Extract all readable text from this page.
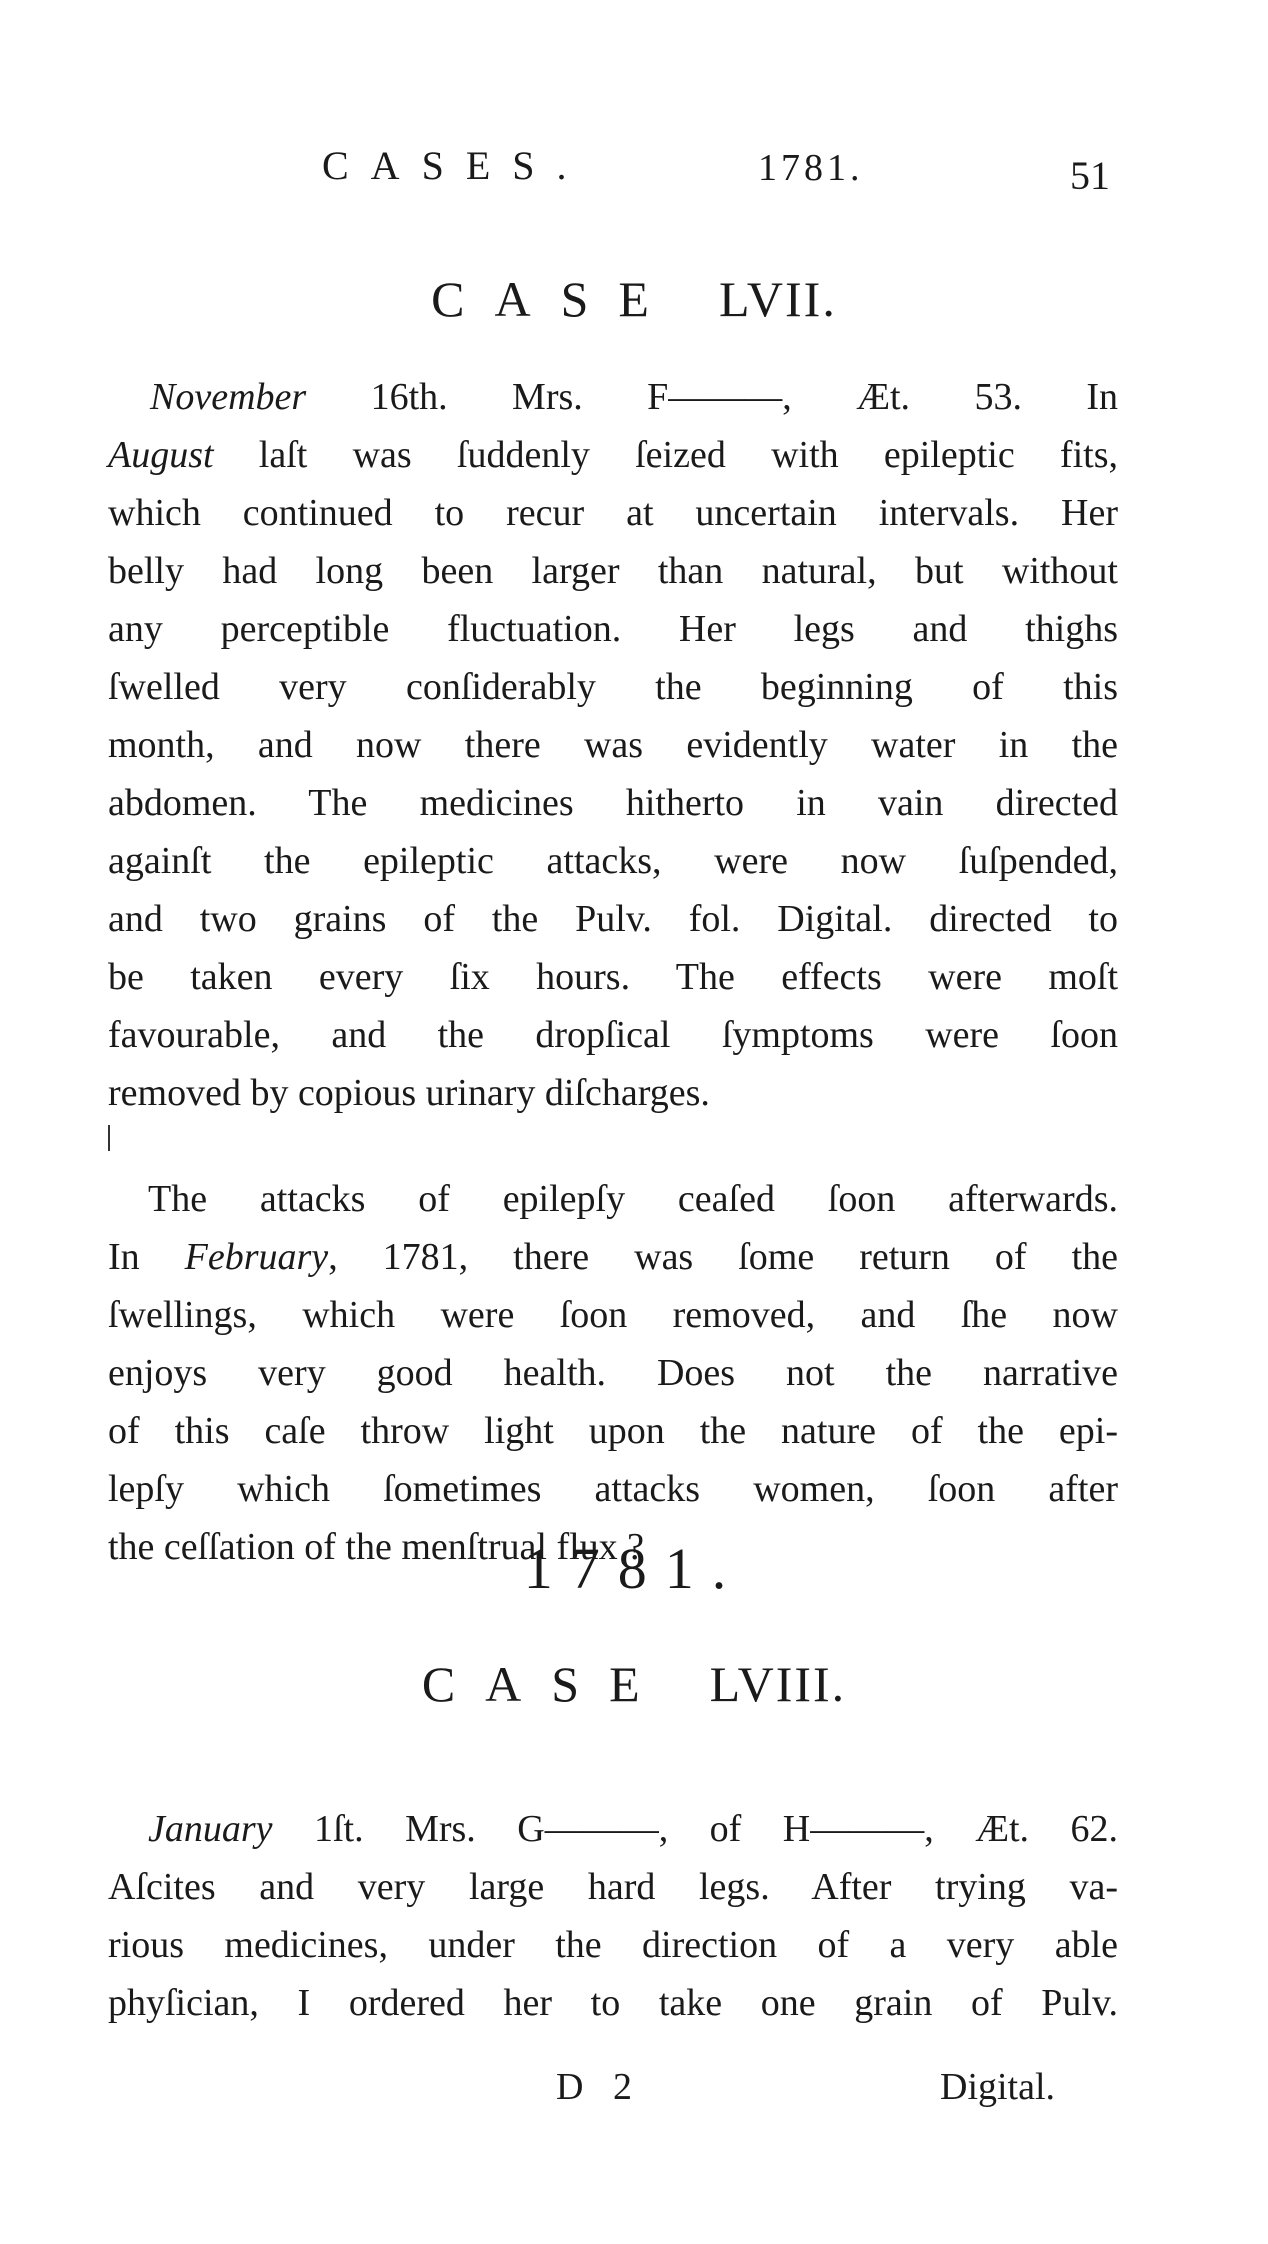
CASES.	1781.	51
CASE LVII.
November 16th. Mrs. F———, Æt. 53. In
August laſt was ſuddenly ſeized with epileptic fits,
which continued to recur at uncertain intervals. Her
belly had long been larger than natural, but without
any perceptible fluctuation. Her legs and thighs
ſwelled very conſiderably the beginning of this
month, and now there was evidently water in the
abdomen. The medicines hitherto in vain directed
againſt the epileptic attacks, were now ſuſpended,
and two grains of the Pulv. fol. Digital. directed to
be taken every ſix hours. The effects were moſt
favourable, and the dropſical ſymptoms were ſoon
removed by copious urinary diſcharges.
The attacks of epilepſy ceaſed ſoon afterwards.
In February, 1781, there was ſome return of the
ſwellings, which were ſoon removed, and ſhe now
enjoys very good health. Does not the narrative
of this caſe throw light upon the nature of the epi-
lepſy which ſometimes attacks women, ſoon after
the ceſſation of the menſtrual flux ?
1781.
CASE LVIII.
January 1ſt. Mrs. G———, of H———, Æt. 62.
Aſcites and very large hard legs. After trying va-
rious medicines, under the direction of a very able
phyſician, I ordered her to take one grain of Pulv.
D 2	Digital.
